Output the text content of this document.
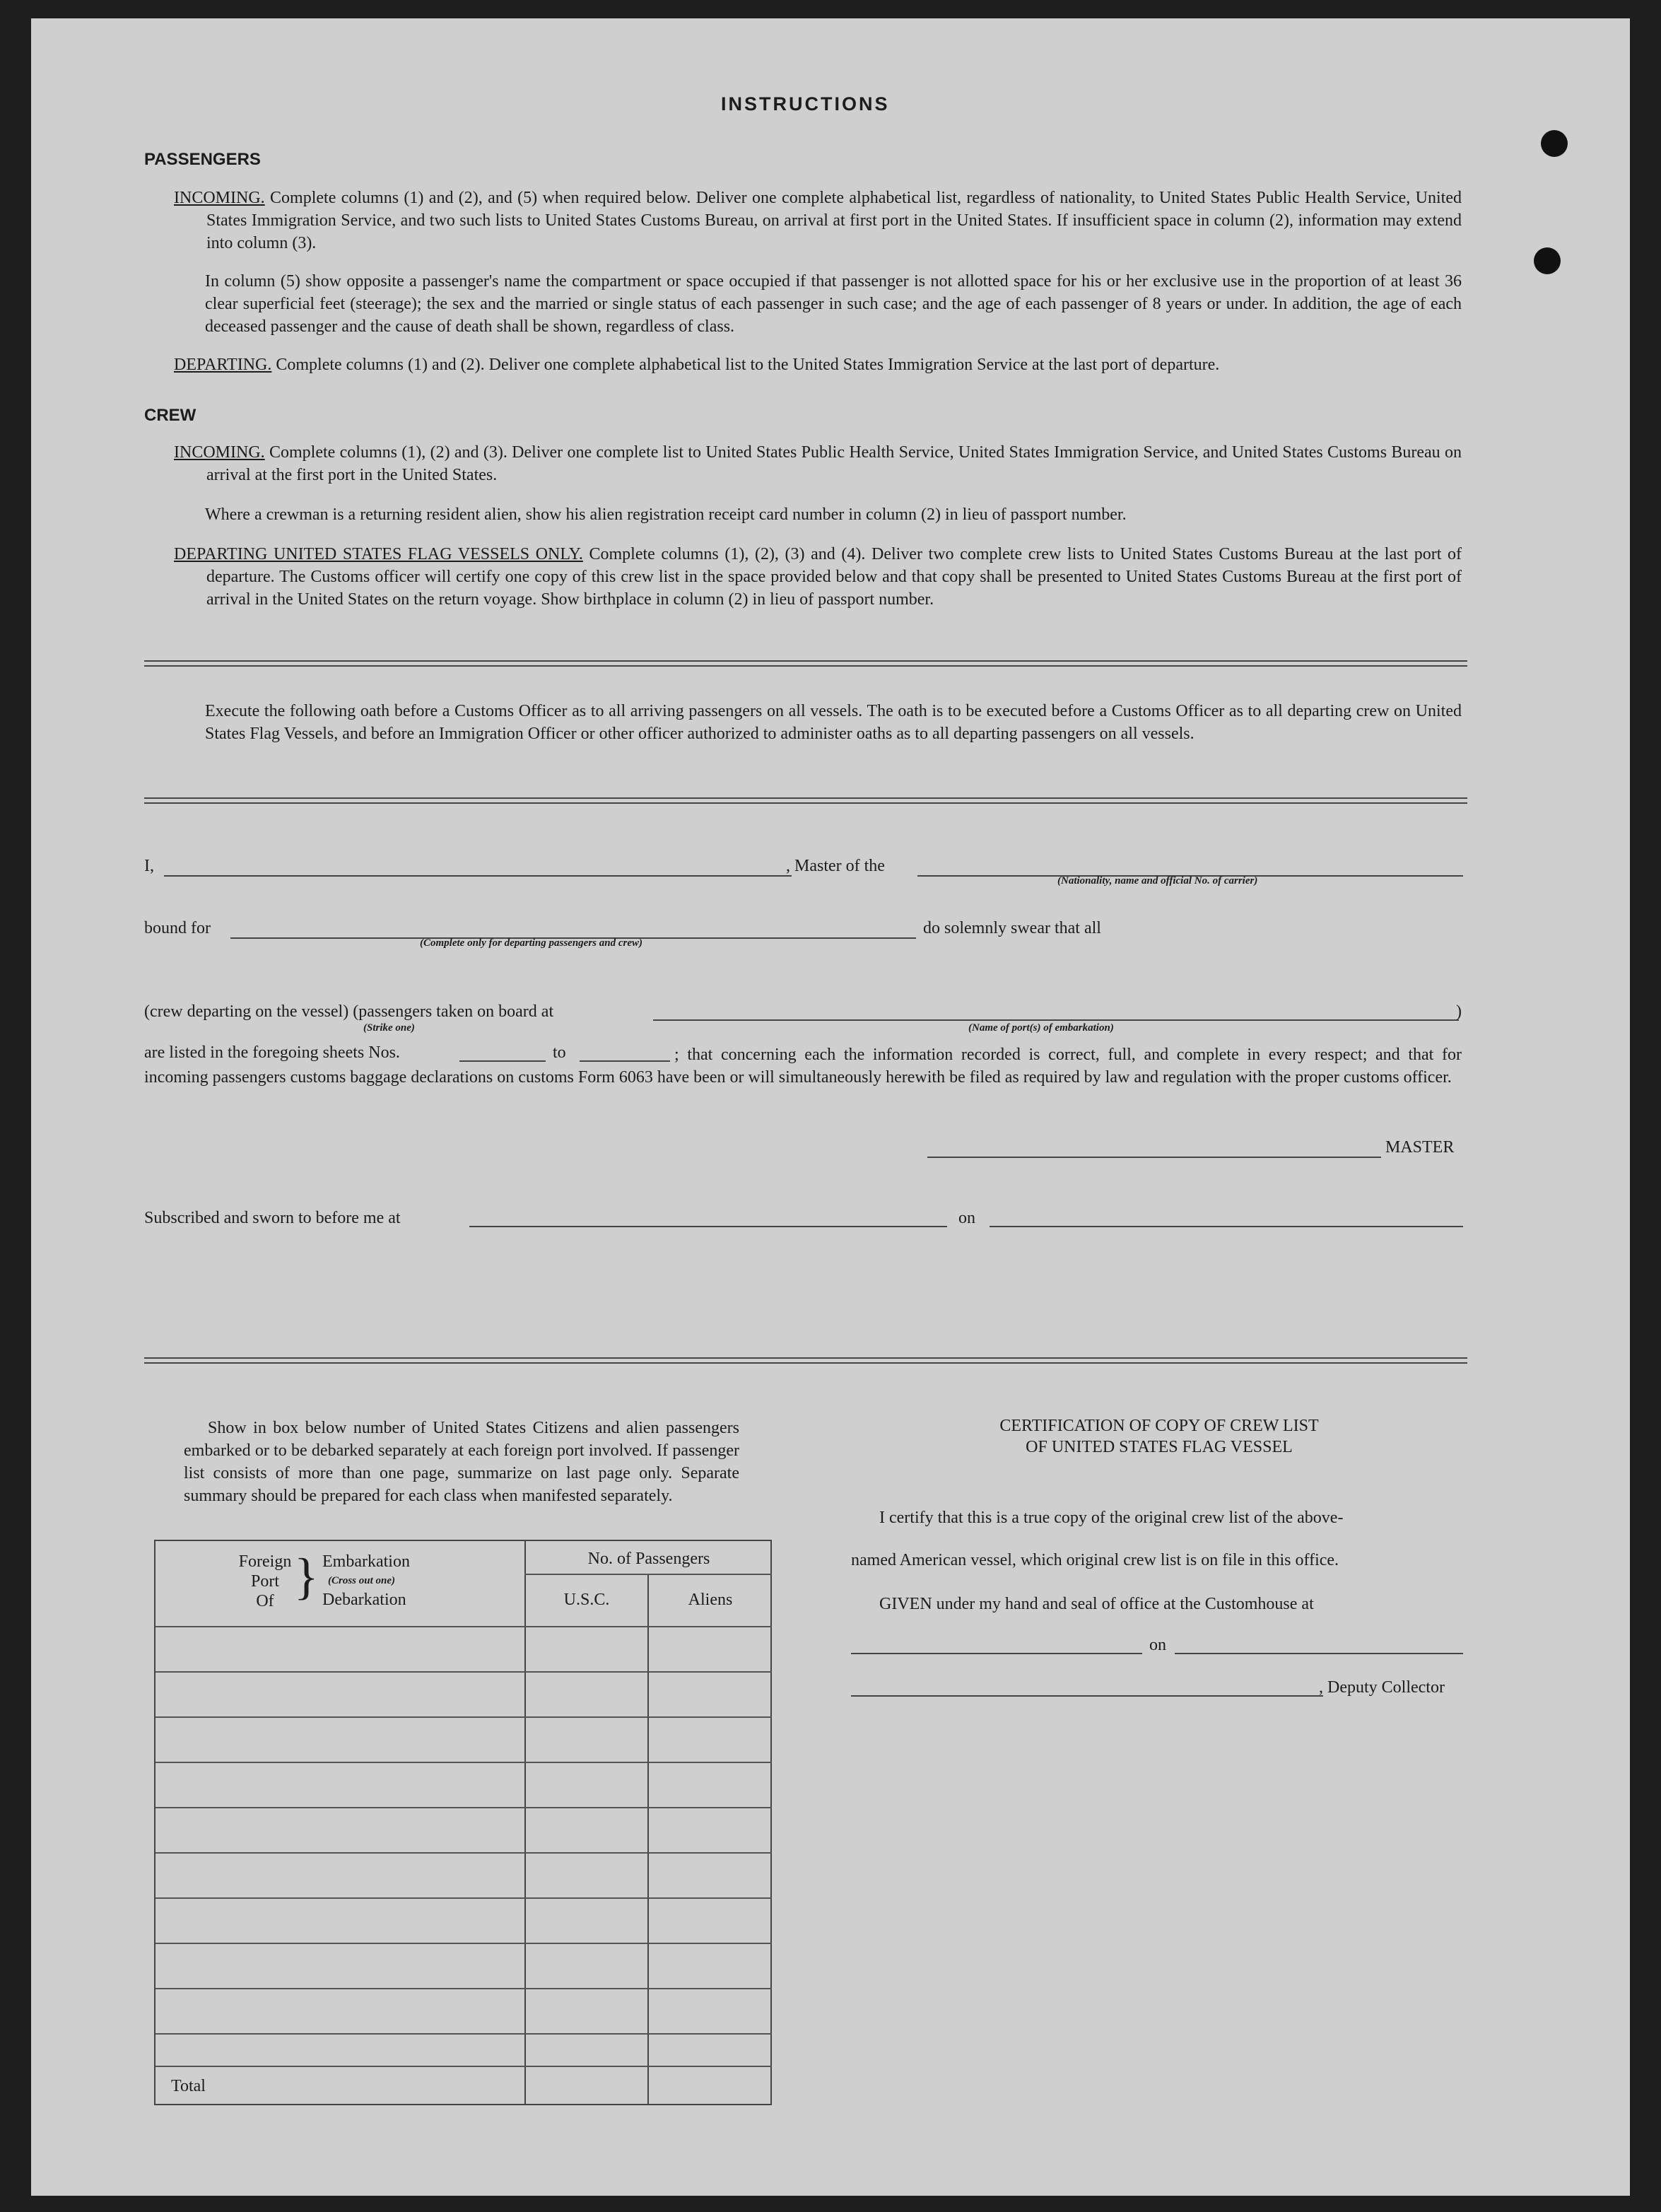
INSTRUCTIONS
PASSENGERS

INCOMING. Complete columns (1) and (2), and (5) when required below. Deliver one complete alphabetical list, regardless of nationality, to United States Public Health Service, United States Immigration Service, and two such lists to United States Customs Bureau, on arrival at first port in the United States. If insufficient space in column (2), information may extend into column (3).

In column (5) show opposite a passenger's name the compartment or space occupied if that passenger is not allotted space for his or her exclusive use in the proportion of at least 36 clear superficial feet (steerage); the sex and the married or single status of each passenger in such case; and the age of each passenger of 8 years or under. In addition, the age of each deceased passenger and the cause of death shall be shown, regardless of class.

DEPARTING. Complete columns (1) and (2). Deliver one complete alphabetical list to the United States Immigration Service at the last port of departure.

CREW

INCOMING. Complete columns (1), (2) and (3). Deliver one complete list to United States Public Health Service, United States Immigration Service, and United States Customs Bureau on arrival at the first port in the United States.

Where a crewman is a returning resident alien, show his alien registration receipt card number in column (2) in lieu of passport number.

DEPARTING UNITED STATES FLAG VESSELS ONLY. Complete columns (1), (2), (3) and (4). Deliver two complete crew lists to United States Customs Bureau at the last port of departure. The Customs officer will certify one copy of this crew list in the space provided below and that copy shall be presented to United States Customs Bureau at the first port of arrival in the United States on the return voyage. Show birthplace in column (2) in lieu of passport number.

Execute the following oath before a Customs Officer as to all arriving passengers on all vessels. The oath is to be executed before a Customs Officer as to all departing crew on United States Flag Vessels, and before an Immigration Officer or other officer authorized to administer oaths as to all departing passengers on all vessels.

I,	, Master of the
(Nationality, name and official No. of carrier)
bound for
(Complete only for departing passengers and crew)
do solemnly swear that all
(crew departing on the vessel) (passengers taken on board at
(Strike one)	(Name of port(s) of embarkation)
)
are listed in the foregoing sheets Nos.	to	; that concerning each the information recorded is correct, full, and complete in every respect; and that for incoming passengers customs baggage declarations on customs Form 6063 have been or will simultaneously herewith be filed as required by law and regulation with the proper customs officer.

MASTER
Subscribed and sworn to before me at	on

Show in box below number of United States Citizens and alien passengers embarked or to be debarked separately at each foreign port involved. If passenger list consists of more than one page, summarize on last page only. Separate summary should be prepared for each class when manifested separately.

Foreign
Port
Of } Embarkation
(Cross out one)
Debarkation
No. of Passengers
U.S.C.	Aliens
Total
CERTIFICATION OF COPY OF CREW LIST
OF UNITED STATES FLAG VESSEL
I certify that this is a true copy of the original crew list of the above-
named American vessel, which original crew list is on file in this office.
GIVEN under my hand and seal of office at the Customhouse at
on
, Deputy Collector
